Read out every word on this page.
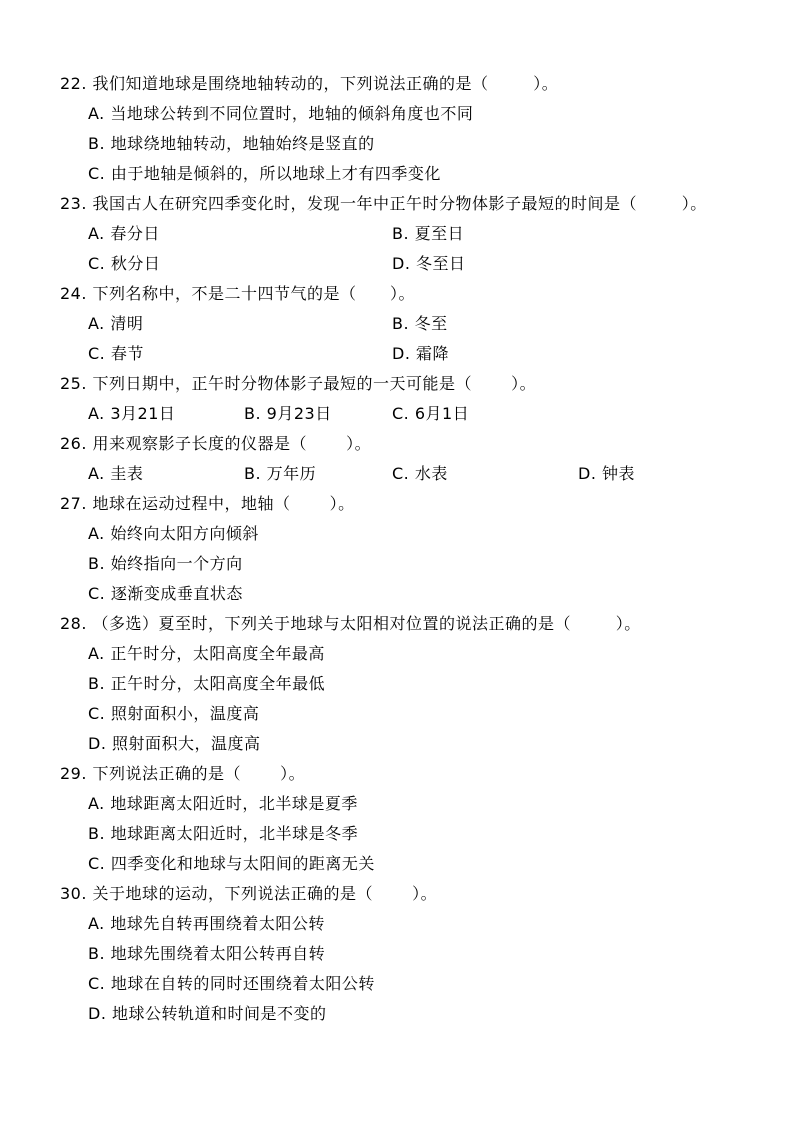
22. 我们知道地球是围绕地轴转动的，下列说法正确的是（        ）。
A. 当地球公转到不同位置时，地轴的倾斜角度也不同
B. 地球绕地轴转动，地轴始终是竖直的
C. 由于地轴是倾斜的，所以地球上才有四季变化
23. 我国古人在研究四季变化时，发现一年中正午时分物体影子最短的时间是（        ）。
A. 春分日	B. 夏至日
C. 秋分日	D. 冬至日
24. 下列名称中，不是二十四节气的是（      ）。
A. 清明	B. 冬至
C. 春节	D. 霜降
25. 下列日期中，正午时分物体影子最短的一天可能是（       ）。
A. 3月21日	B. 9月23日	C. 6月1日
26. 用来观察影子长度的仪器是（       ）。
A. 圭表	B. 万年历	C. 水表	D. 钟表
27. 地球在运动过程中，地轴（       ）。
A. 始终向太阳方向倾斜
B. 始终指向一个方向
C. 逐渐变成垂直状态
28. （多选）夏至时，下列关于地球与太阳相对位置的说法正确的是（        ）。
A. 正午时分，太阳高度全年最高
B. 正午时分，太阳高度全年最低
C. 照射面积小，温度高
D. 照射面积大，温度高
29. 下列说法正确的是（       ）。
A. 地球距离太阳近时，北半球是夏季
B. 地球距离太阳近时，北半球是冬季
C. 四季变化和地球与太阳间的距离无关
30. 关于地球的运动，下列说法正确的是（       ）。
A. 地球先自转再围绕着太阳公转
B. 地球先围绕着太阳公转再自转
C. 地球在自转的同时还围绕着太阳公转
D. 地球公转轨道和时间是不变的
